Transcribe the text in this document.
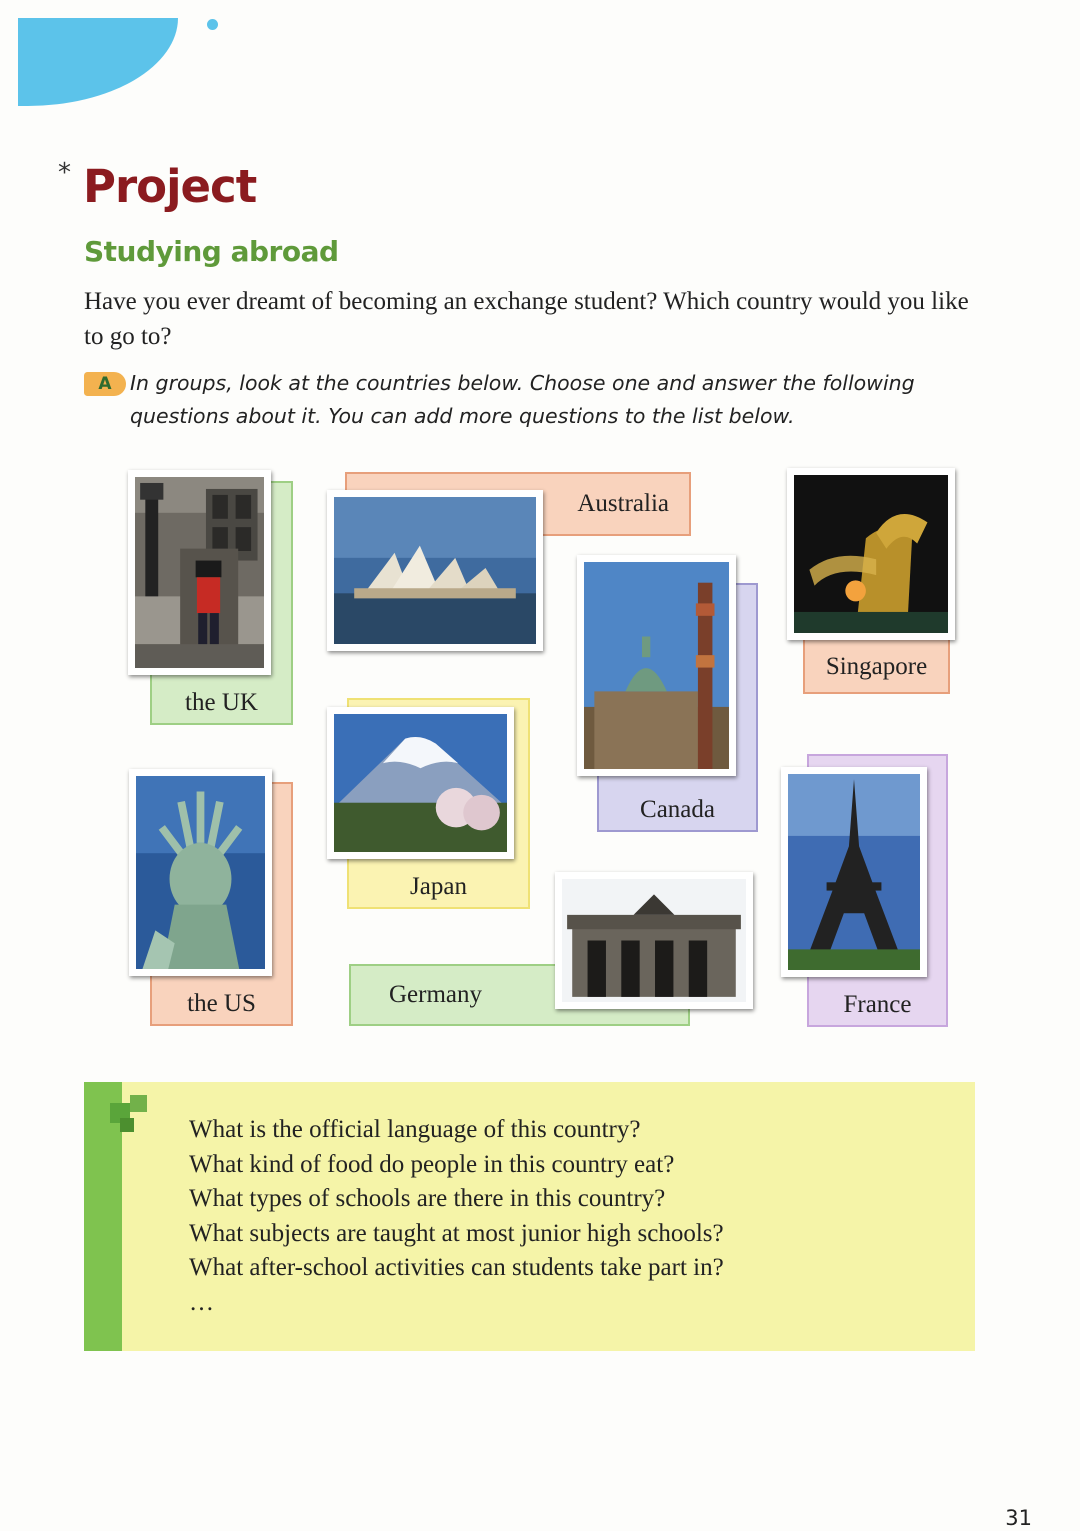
* Project
Studying abroad
Have you ever dreamt of becoming an exchange student? Which country would you like to go to?
A In groups, look at the countries below. Choose one and answer the following questions about it. You can add more questions to the list below.
the UK
Australia
Canada
Singapore
Japan
the US	Germany	France
What is the official language of this country?
What kind of food do people in this country eat?
What types of schools are there in this country?
What subjects are taught at most junior high schools?
What after-school activities can students take part in?
…
31
